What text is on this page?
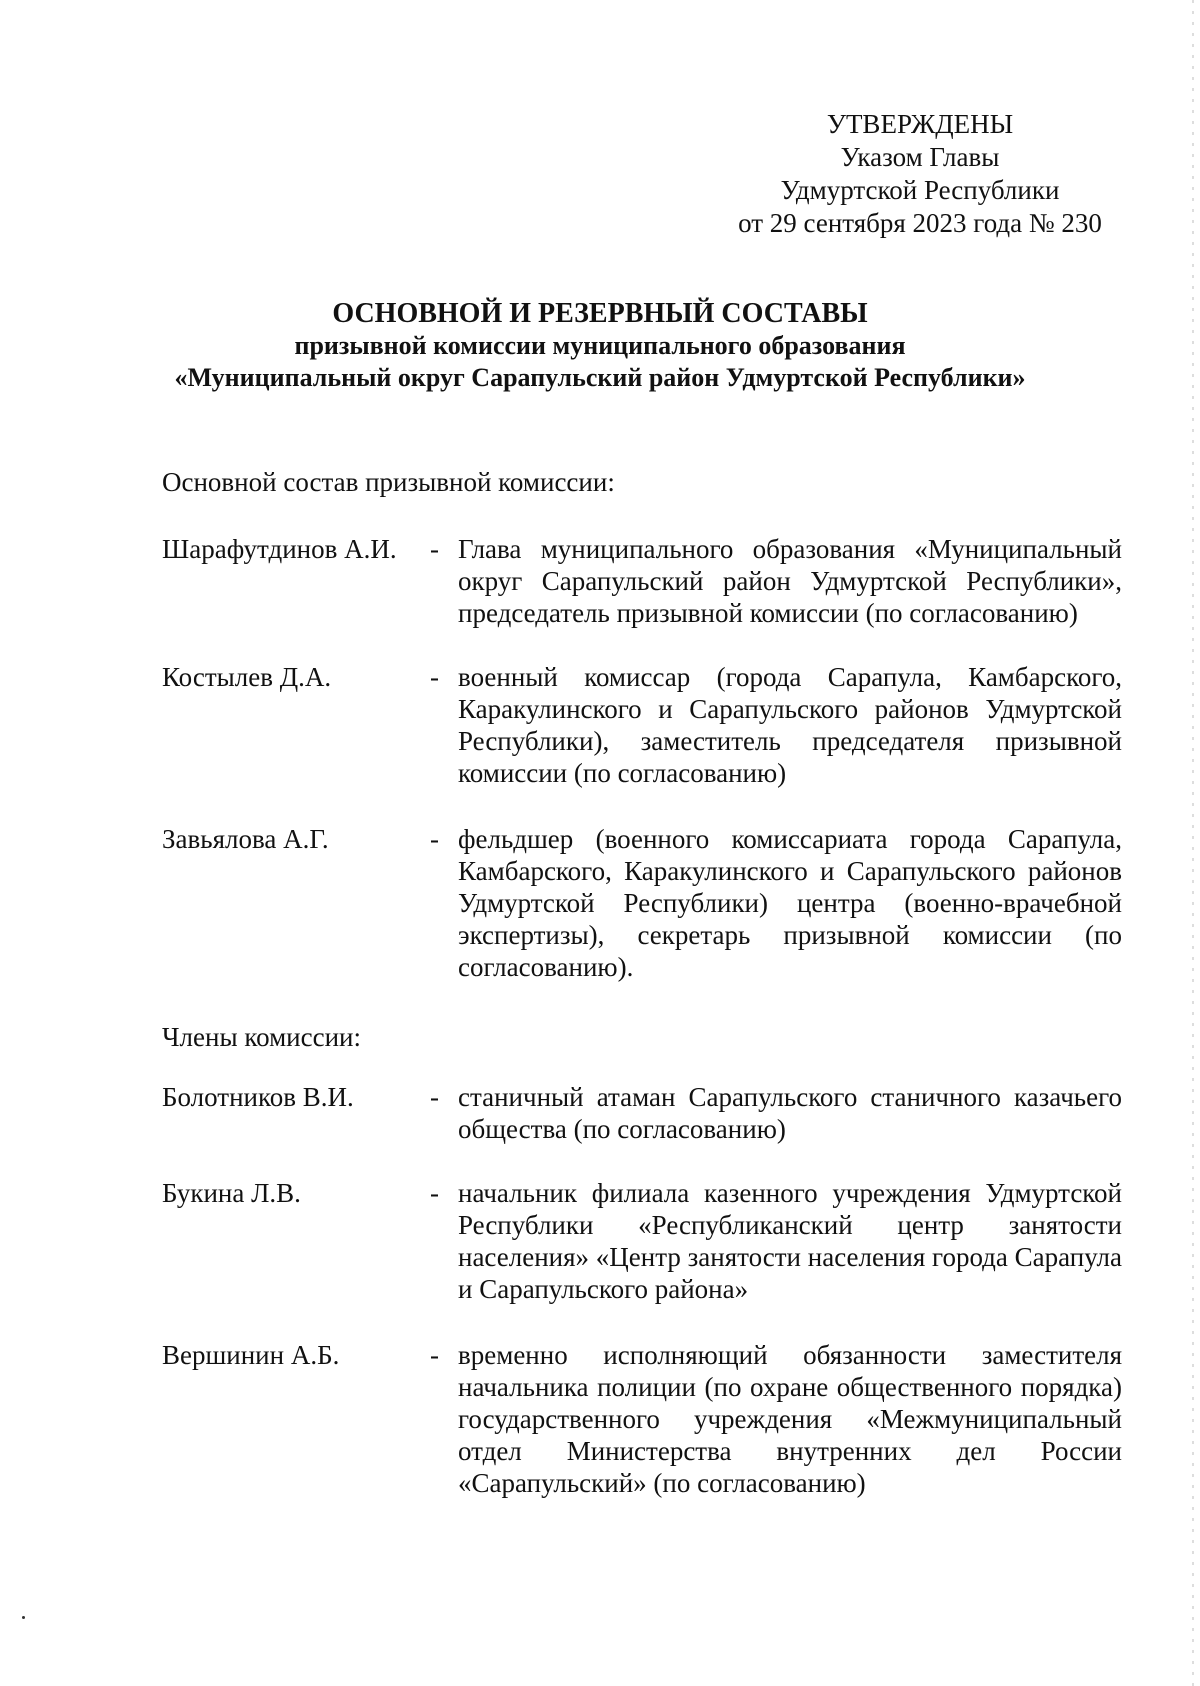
УТВЕРЖДЕНЫ
Указом Главы
Удмуртской Республики
от 29 сентября 2023 года № 230
ОСНОВНОЙ И РЕЗЕРВНЫЙ СОСТАВЫ
призывной комиссии муниципального образования
«Муниципальный округ Сарапульский район Удмуртской Республики»
Основной состав призывной комиссии:
Шарафутдинов А.И. - Глава муниципального образования «Муниципальный округ Сарапульский район Удмуртской Республики», председатель призывной комиссии (по согласованию)
Костылев Д.А.	- военный комиссар (города Сарапула, Камбарского, Каракулинского и Сарапульского районов Удмуртской Республики), заместитель председателя призывной комиссии (по согласованию)
Завьялова А.Г.	- фельдшер (военного комиссариата города Сарапула, Камбарского, Каракулинского и Сарапульского районов Удмуртской Республики) центра (военно-врачебной экспертизы), секретарь призывной комиссии (по согласованию).
Члены комиссии:
Болотников В.И.	- станичный атаман Сарапульского станичного казачьего общества (по согласованию)
Букина Л.В.	- начальник филиала казенного учреждения Удмуртской Республики «Республиканский центр занятости населения» «Центр занятости населения города Сарапула и Сарапульского района»
Вершинин А.Б.	- временно исполняющий обязанности заместителя начальника полиции (по охране общественного порядка) государственного учреждения «Межмуниципальный отдел Министерства внутренних дел России «Сарапульский» (по согласованию)
